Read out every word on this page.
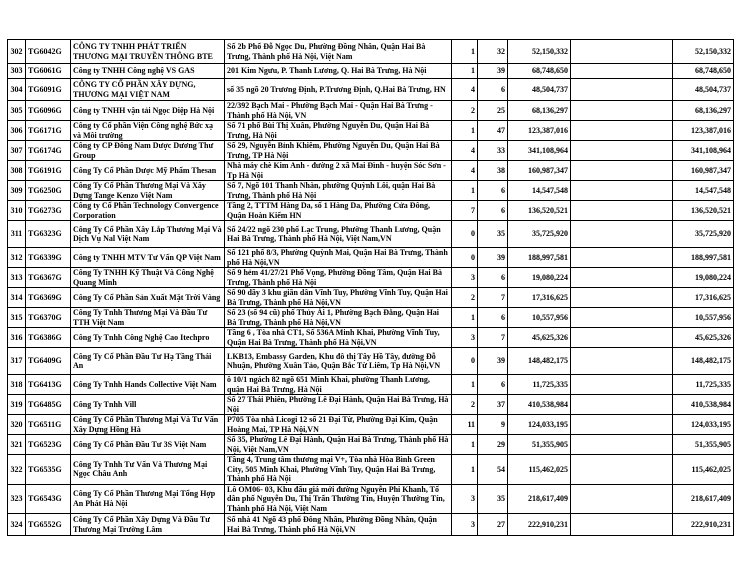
302	TG6042G	CÔNG TY TNHH PHÁT TRIỂN THƯƠNG MẠI TRUYỀN THÔNG BTE	Số 2b Phố Đỗ Ngọc Du, Phường Đồng Nhân, Quận Hai Bà Trưng, Thành phố Hà Nội, Việt Nam	1	32	52,150,332		52,150,332
303	TG6061G	Công ty TNHH Công nghệ VS GAS	201 Kim Ngưu, P. Thanh Lương, Q. Hai Bà Trưng, Hà Nội	1	39	68,748,650		68,748,650
304	TG6091G	CÔNG TY CỔ PHẦN XÂY DỰNG, THƯƠNG MẠI VIỆT NAM	số 35 ngõ 20 Trương Định, P.Trương Định, Q.Hai Bà Trưng, HN	4	6	48,504,737		48,504,737
305	TG6096G	Công ty TNHH vận tải Ngọc Diệp Hà Nội	22/392 Bạch Mai - Phường Bạch Mai - Quận Hai Bà Trưng - Thành phố Hà Nội, VN	2	25	68,136,297		68,136,297
306	TG6171G	Công ty Cổ phần Viện Công nghệ Bức xạ và Môi trường	Số 71 phố Bùi Thị Xuân, Phường Nguyễn Du, Quận Hai Bà Trưng, Hà Nội	1	47	123,387,016		123,387,016
307	TG6174G	Công ty CP Đông Nam Dược Dương Thư Group	Số 29, Nguyễn Bỉnh Khiêm, Phường Nguyễn Du, Quận Hai Bà Trưng, TP Hà Nội	4	33	341,108,964		341,108,964
308	TG6191G	Công Ty Cổ Phần Dược Mỹ Phẩm Thesan	Nhà máy chè Kim Anh - đường 2 xã Mai Đình - huyện Sóc Sơn - Tp Hà Nội	4	38	160,987,347		160,987,347
309	TG6250G	Công Ty Cổ Phần Thương Mại Và Xây Dựng Tange Kenzo Việt Nam	Số 7, Ngõ 101 Thanh Nhàn, phường Quỳnh Lôi, quận Hai Bà Trưng, Thành phố Hà Nội	1	6	14,547,548		14,547,548
310	TG6273G	Công ty Cổ Phần Technology Convergence Corporation	Tầng 2, TTTM Hàng Da, số 1 Hàng Da, Phường Cửa Đông, Quận Hoàn Kiếm HN	7	6	136,520,521		136,520,521
311	TG6323G	Công Ty Cổ Phần Xây Lắp Thương Mại Và Dịch Vụ Nal Việt Nam	Số 24/22 ngõ 230 phố Lạc Trung, Phường Thanh Lương, Quận Hai Bà Trưng, Thành phố Hà Nội, Việt Nam,VN	0	35	35,725,920		35,725,920
312	TG6339G	Công ty TNHH MTV Tư Vấn QP Việt Nam	Số 121 phố 8/3, Phường Quỳnh Mai, Quận Hai Bà Trưng, Thành phố Hà Nội,VN	0	39	188,997,581		188,997,581
313	TG6367G	Công Ty TNHH Kỹ Thuật Và Công Nghệ Quang Minh	Số 9 hẻm 41/27/21 Phố Vọng, Phường Đồng Tâm, Quận Hai Bà Trưng, Thành phố Hà Nội	3	6	19,080,224		19,080,224
314	TG6369G	Công Ty Cổ Phần Sản Xuất Mặt Trời Vàng	Số 90 dãy 3 khu giãn dân Vĩnh Tuy, Phường Vĩnh Tuy, Quận Hai Bà Trưng, Thành phố Hà Nội,VN	2	7	17,316,625		17,316,625
315	TG6370G	Công Ty Tnhh Thương Mại Và Đầu Tư TTH Việt Nam	Số 23 (số 94 cũ) phố Thủy Ái 1, Phường Bạch Đằng, Quận Hai Bà Trưng, Thành phố Hà Nội,VN	1	6	10,557,956		10,557,956
316	TG6386G	Công Ty Tnhh Công Nghệ Cao Itechpro	Tầng 6 , Tòa nhà CT1, Số 536A Minh Khai, Phường Vĩnh Tuy, Quận Hai Bà Trưng, Thành phố Hà Nội,VN	3	7	45,625,326		45,625,326
317	TG6409G	Công Ty Cổ Phần Đầu Tư Hạ Tầng Thái An	LKB13, Embassy Garden, Khu đô thị Tây Hồ Tây, đường Đỗ Nhuận, Phường Xuân Tảo, Quận Bắc Từ Liêm, Tp Hà Nội,VN	0	39	148,482,175		148,482,175
318	TG6413G	Công Ty Tnhh Hands Collective Việt Nam	ô 10/1 ngách 82 ngõ 651 Minh Khai, phường Thanh Lương, quận Hai Bà Trưng, Hà Nội	1	6	11,725,335		11,725,335
319	TG6485G	Công Ty Tnhh Vill	Số 27 Thái Phiên, Phường Lê Đại Hành, Quận Hai Bà Trưng, Hà Nội	2	37	410,538,984		410,538,984
320	TG6511G	Công Ty Cổ Phần Thương Mại Và Tư Vấn Xây Dựng Hồng Hà	P705 Tòa nhà Licogi 12 số 21 Đại Từ, Phường Đại Kim, Quận Hoàng Mai, TP Hà Nội,VN	11	9	124,033,195		124,033,195
321	TG6523G	Công Ty Cổ Phần Đầu Tư 3S Việt Nam	Số 35, Phường Lê Đại Hành, Quận Hai Bà Trưng, Thành phố Hà Nội, Việt Nam,VN	1	29	51,355,905		51,355,905
322	TG6535G	Công Ty Tnhh Tư Vấn Và Thương Mại Ngọc Châu Anh	Tầng 4, Trung tâm thương mại V+, Tòa nhà Hòa Bình Green City, 505 Minh Khai, Phường Vĩnh Tuy, Quận Hai Bà Trưng, Thành phố Hà Nội	1	54	115,462,025		115,462,025
323	TG6543G	Công Ty Cổ Phần Thương Mại Tổng Hợp An Phát Hà Nội	Lô OM06- 03, Khu đấu giá mới đường Nguyễn Phi Khanh, Tổ dân phố Nguyễn Du, Thị Trấn Thường Tín, Huyện Thường Tín, Thành phố Hà Nội, Việt Nam	3	35	218,617,409		218,617,409
324	TG6552G	Công Ty Cổ Phần Xây Dựng Và Đầu Tư Thương Mại Trường Lâm	Số nhà 41 Ngõ 43 phố Đông Nhân, Phường Đồng Nhân, Quận Hai Bà Trưng, Thành phố Hà Nội,VN	3	27	222,910,231		222,910,231
